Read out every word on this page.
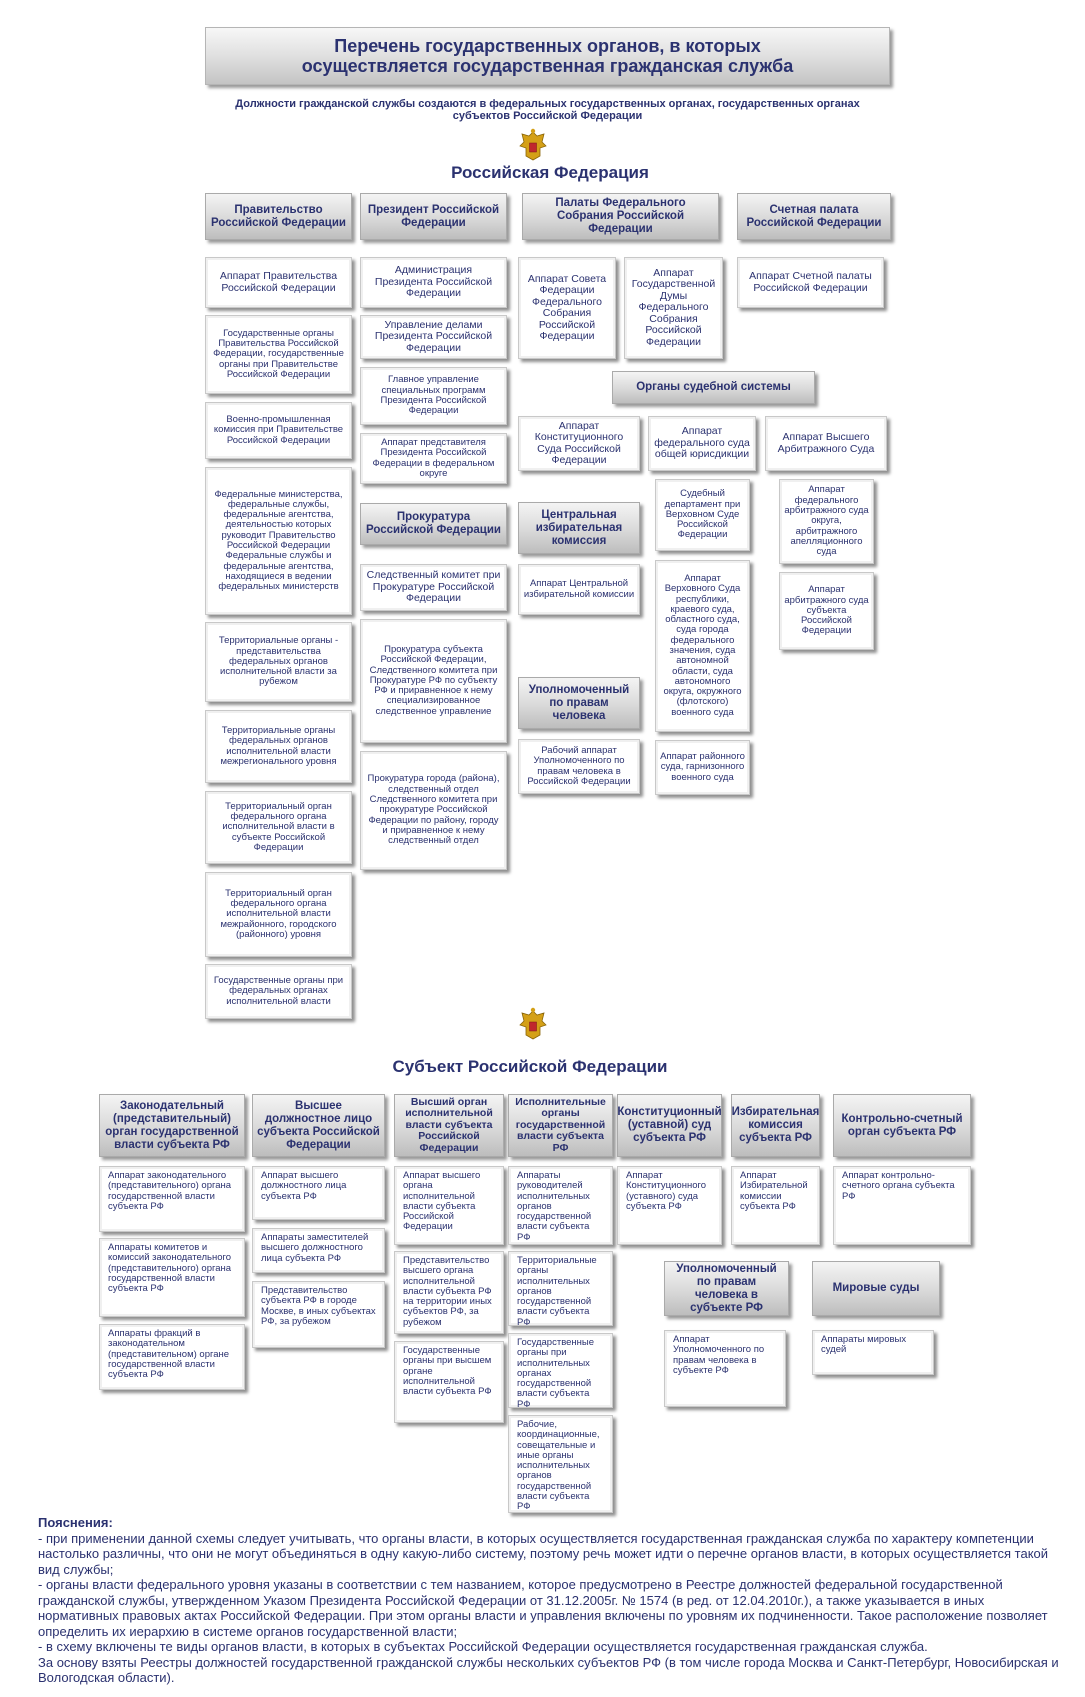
Перечень государственных органов, в которых осуществляется государственная гражданская служба
Должности гражданской службы создаются в федеральных государственных органах, государственных органах субъектов Российской Федерации
Российская Федерация
Правительство Российской Федерации
Президент Российской Федерации
Палаты Федерального Собрания Российской Федерации
Счетная палата Российской Федерации
Аппарат Правительства Российской Федерации
Государственные органы Правительства Российской Федерации, государственные органы при Правительстве Российской Федерации
Военно-промышленная комиссия при Правительстве Российской Федерации
Федеральные министерства, федеральные службы, федеральные агентства, деятельностью которых руководит Правительство Российской Федерации Федеральные службы и федеральные агентства, находящиеся в ведении федеральных министерств
Территориальные органы - представительства федеральных органов исполнительной власти за рубежом
Территориальные органы федеральных органов исполнительной власти межрегионального уровня
Территориальный орган федерального органа исполнительной власти в субъекте Российской Федерации
Территориальный орган федерального органа исполнительной власти межрайонного, городского (районного) уровня
Государственные органы при федеральных органах исполнительной власти
Администрация Президента Российской Федерации
Управление делами Президента Российской Федерации
Главное управление специальных программ Президента Российской Федерации
Аппарат представителя Президента Российской Федерации в федеральном округе
Прокуратура Российской Федерации
Следственный комитет при Прокуратуре Российской Федерации
Прокуратура субъекта Российской Федерации, Следственного комитета при Прокуратуре РФ по субъекту РФ и приравненное к нему специализированное следственное управление
Прокуратура города (района), следственный отдел Следственного комитета при прокуратуре Российской Федерации по району, городу и приравненное к нему следственный отдел
Аппарат Совета Федерации Федерального Собрания Российской Федерации
Аппарат Государственной Думы Федерального Собрания Российской Федерации
Аппарат Счетной палаты Российской Федерации
Органы судебной системы
Аппарат Конституционного Суда Российской Федерации
Аппарат федерального суда общей юрисдикции
Судебный департамент при Верховном Суде Российской Федерации
Аппарат Верховного Суда республики, краевого суда, областного суда, суда города федерального значения, суда автономной области, суда автономного округа, окружного (флотского) военного суда
Аппарат районного суда, гарнизонного военного суда
Аппарат Высшего Арбитражного Суда
Аппарат федерального арбитражного суда округа, арбитражного апелляционного суда
Аппарат арбитражного суда субъекта Российской Федерации
Центральная избирательная комиссия
Аппарат Центральной избирательной комиссии
Уполномоченный по правам человека
Рабочий аппарат Уполномоченного по правам человека в Российской Федерации
Субъект Российской Федерации
Законодательный (представительный) орган государственной власти субъекта РФ
Высшее должностное лицо субъекта Российской Федерации
Высший орган исполнительной власти субъекта Российской Федерации
Исполнительные органы государственной власти субъекта РФ
Конституционный (уставной) суд субъекта РФ
Избирательная комиссия субъекта РФ
Контрольно-счетный орган субъекта РФ
Аппарат законодательного (представительного) органа государственной власти субъекта РФ
Аппараты комитетов и комиссий законодательного (представительного) органа государственной власти субъекта РФ
Аппараты фракций в законодательном (представительном) органе государственной власти субъекта РФ
Аппарат высшего должностного лица субъекта РФ
Аппараты заместителей высшего должностного лица субъекта РФ
Представительство субъекта РФ в городе Москве, в иных субъектах РФ, за рубежом
Аппарат высшего органа исполнительной власти субъекта Российской Федерации
Представительство высшего органа исполнительной власти субъекта РФ на территории иных субъектов РФ, за рубежом
Государственные органы при высшем органе исполнительной власти субъекта РФ
Аппараты руководителей исполнительных органов государственной власти субъекта РФ
Территориальные органы исполнительных органов государственной власти субъекта РФ
Государственные органы при исполнительных органах государственной власти субъекта РФ
Рабочие, координационные, совещательные и иные органы исполнительных органов государственной власти субъекта РФ
Аппарат Конституционного (уставного) суда субъекта РФ
Аппарат Избирательной комиссии субъекта РФ
Аппарат контрольно-счетного органа субъекта РФ
Уполномоченный по правам человека в субъекте РФ
Аппарат Уполномоченного по правам человека в субъекте РФ
Мировые суды
Аппараты мировых судей
Пояснения:
- при применении данной схемы следует учитывать, что органы власти, в которых осуществляется государственная гражданская служба по характеру компетенции настолько различны, что они не могут объединяться в одну какую-либо систему, поэтому речь может идти о перечне органов власти, в которых осуществляется такой вид службы;
- органы власти федерального уровня указаны в соответствии с тем названием, которое предусмотрено в Реестре должностей федеральной государственной гражданской службы, утвержденном Указом Президента Российской Федерации от 31.12.2005г. № 1574 (в ред. от 12.04.2010г.), а также указывается в иных нормативных правовых актах Российской Федерации. При этом органы власти и управления включены по уровням их подчиненности. Такое расположение позволяет определить их иерархию в системе органов государственной власти;
- в схему включены те виды органов власти, в которых в субъектах Российской Федерации осуществляется государственная гражданская служба.
За основу взяты Реестры должностей государственной гражданской службы нескольких субъектов РФ (в том числе города Москва и Санкт-Петербург, Новосибирская и Вологодская области).
